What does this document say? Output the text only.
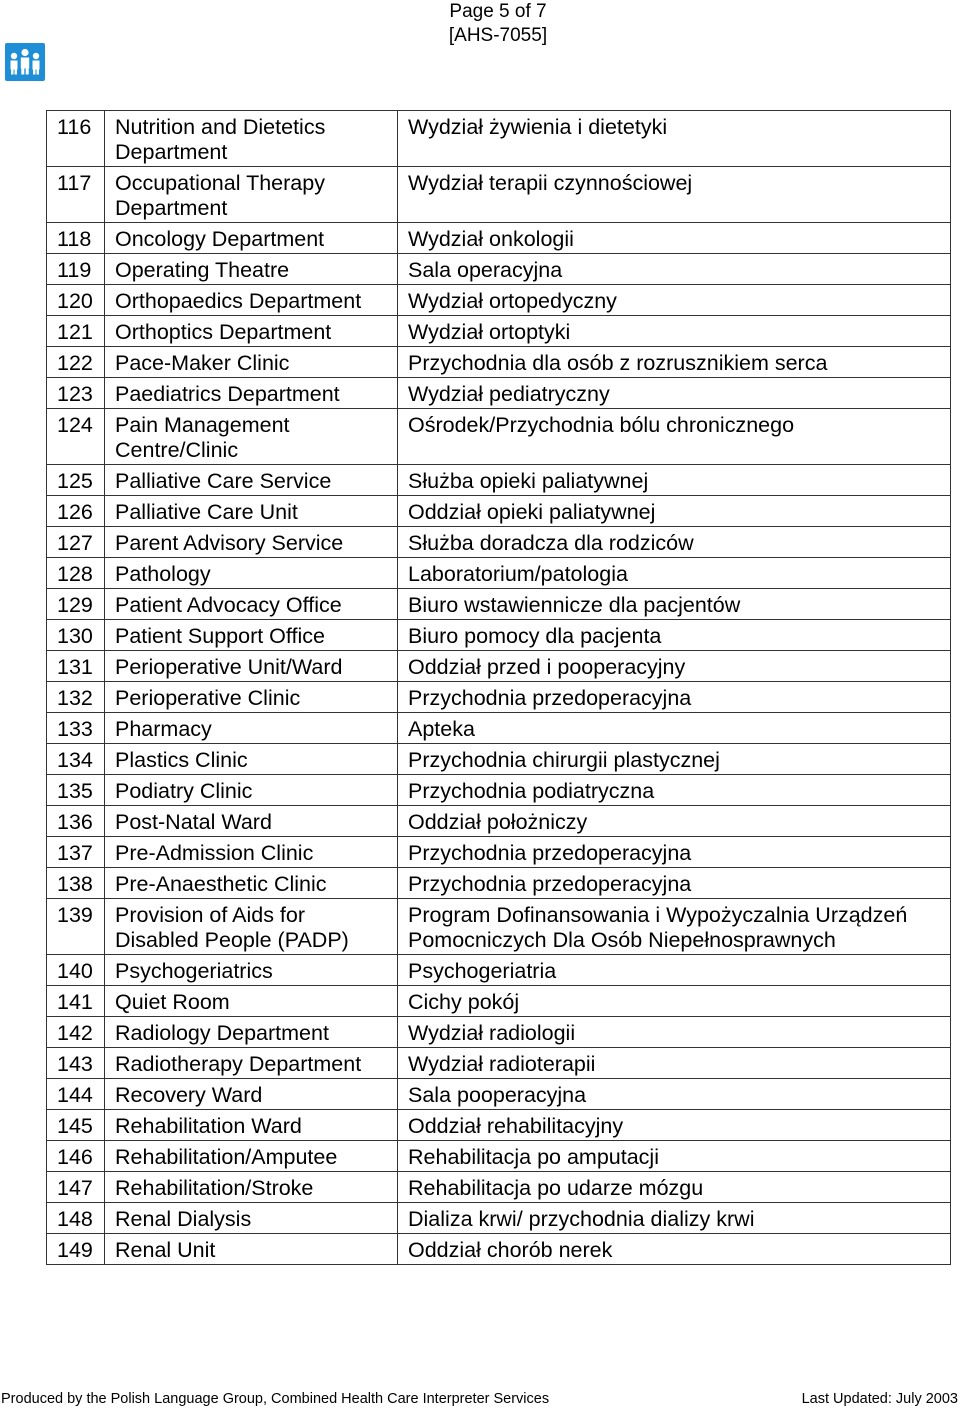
Page 5 of 7
[AHS-7055]
116	Nutrition and Dietetics Department	Wydział żywienia i dietetyki
117	Occupational Therapy Department	Wydział terapii czynnościowej
118	Oncology Department	Wydział onkologii
119	Operating Theatre	Sala operacyjna
120	Orthopaedics Department	Wydział ortopedyczny
121	Orthoptics Department	Wydział ortoptyki
122	Pace-Maker Clinic	Przychodnia dla osób z rozrusznikiem serca
123	Paediatrics Department	Wydział pediatryczny
124	Pain Management Centre/Clinic	Ośrodek/Przychodnia bólu chronicznego
125	Palliative Care Service	Służba opieki paliatywnej
126	Palliative Care Unit	Oddział opieki paliatywnej
127	Parent Advisory Service	Służba doradcza dla rodziców
128	Pathology	Laboratorium/patologia
129	Patient Advocacy Office	Biuro wstawiennicze dla pacjentów
130	Patient Support Office	Biuro pomocy dla pacjenta
131	Perioperative Unit/Ward	Oddział przed i pooperacyjny
132	Perioperative Clinic	Przychodnia przedoperacyjna
133	Pharmacy	Apteka
134	Plastics Clinic	Przychodnia chirurgii plastycznej
135	Podiatry Clinic	Przychodnia podiatryczna
136	Post-Natal Ward	Oddział położniczy
137	Pre-Admission Clinic	Przychodnia przedoperacyjna
138	Pre-Anaesthetic Clinic	Przychodnia przedoperacyjna
139	Provision of Aids for Disabled People (PADP)	Program Dofinansowania i Wypożyczalnia Urządzeń Pomocniczych Dla Osób Niepełnosprawnych
140	Psychogeriatrics	Psychogeriatria
141	Quiet Room	Cichy pokój
142	Radiology Department	Wydział radiologii
143	Radiotherapy Department	Wydział radioterapii
144	Recovery Ward	Sala pooperacyjna
145	Rehabilitation Ward	Oddział rehabilitacyjny
146	Rehabilitation/Amputee	Rehabilitacja po amputacji
147	Rehabilitation/Stroke	Rehabilitacja po udarze mózgu
148	Renal Dialysis	Dializa krwi/ przychodnia dializy krwi
149	Renal Unit	Oddział chorób nerek
Produced by the Polish Language Group, Combined Health Care Interpreter Services	Last Updated: July 2003
